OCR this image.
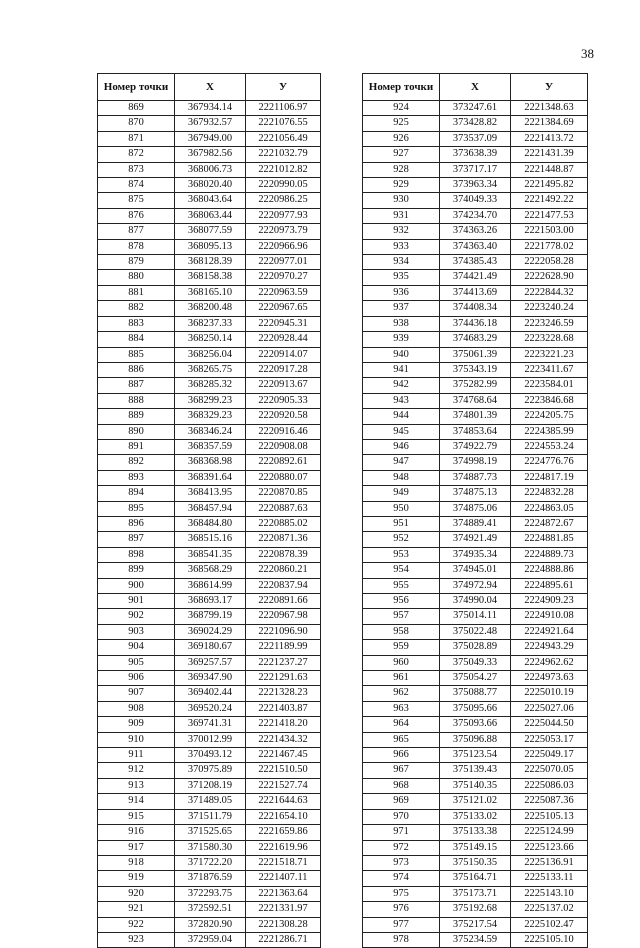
38
Номер точки	Х	У
869	367934.14	2221106.97
870	367932.57	2221076.55
871	367949.00	2221056.49
872	367982.56	2221032.79
873	368006.73	2221012.82
874	368020.40	2220990.05
875	368043.64	2220986.25
876	368063.44	2220977.93
877	368077.59	2220973.79
878	368095.13	2220966.96
879	368128.39	2220977.01
880	368158.38	2220970.27
881	368165.10	2220963.59
882	368200.48	2220967.65
883	368237.33	2220945.31
884	368250.14	2220928.44
885	368256.04	2220914.07
886	368265.75	2220917.28
887	368285.32	2220913.67
888	368299.23	2220905.33
889	368329.23	2220920.58
890	368346.24	2220916.46
891	368357.59	2220908.08
892	368368.98	2220892.61
893	368391.64	2220880.07
894	368413.95	2220870.85
895	368457.94	2220887.63
896	368484.80	2220885.02
897	368515.16	2220871.36
898	368541.35	2220878.39
899	368568.29	2220860.21
900	368614.99	2220837.94
901	368693.17	2220891.66
902	368799.19	2220967.98
903	369024.29	2221096.90
904	369180.67	2221189.99
905	369257.57	2221237.27
906	369347.90	2221291.63
907	369402.44	2221328.23
908	369520.24	2221403.87
909	369741.31	2221418.20
910	370012.99	2221434.32
911	370493.12	2221467.45
912	370975.89	2221510.50
913	371208.19	2221527.74
914	371489.05	2221644.63
915	371511.79	2221654.10
916	371525.65	2221659.86
917	371580.30	2221619.96
918	371722.20	2221518.71
919	371876.59	2221407.11
920	372293.75	2221363.64
921	372592.51	2221331.97
922	372820.90	2221308.28
923	372959.04	2221286.71
Номер точки	Х	У
924	373247.61	2221348.63
925	373428.82	2221384.69
926	373537.09	2221413.72
927	373638.39	2221431.39
928	373717.17	2221448.87
929	373963.34	2221495.82
930	374049.33	2221492.22
931	374234.70	2221477.53
932	374363.26	2221503.00
933	374363.40	2221778.02
934	374385.43	2222058.28
935	374421.49	2222628.90
936	374413.69	2222844.32
937	374408.34	2223240.24
938	374436.18	2223246.59
939	374683.29	2223228.68
940	375061.39	2223221.23
941	375343.19	2223411.67
942	375282.99	2223584.01
943	374768.64	2223846.68
944	374801.39	2224205.75
945	374853.64	2224385.99
946	374922.79	2224553.24
947	374998.19	2224776.76
948	374887.73	2224817.19
949	374875.13	2224832.28
950	374875.06	2224863.05
951	374889.41	2224872.67
952	374921.49	2224881.85
953	374935.34	2224889.73
954	374945.01	2224888.86
955	374972.94	2224895.61
956	374990.04	2224909.23
957	375014.11	2224910.08
958	375022.48	2224921.64
959	375028.89	2224943.29
960	375049.33	2224962.62
961	375054.27	2224973.63
962	375088.77	2225010.19
963	375095.66	2225027.06
964	375093.66	2225044.50
965	375096.88	2225053.17
966	375123.54	2225049.17
967	375139.43	2225070.05
968	375140.35	2225086.03
969	375121.02	2225087.36
970	375133.02	2225105.13
971	375133.38	2225124.99
972	375149.15	2225123.66
973	375150.35	2225136.91
974	375164.71	2225133.11
975	375173.71	2225143.10
976	375192.68	2225137.02
977	375217.54	2225102.47
978	375234.59	2225105.10
